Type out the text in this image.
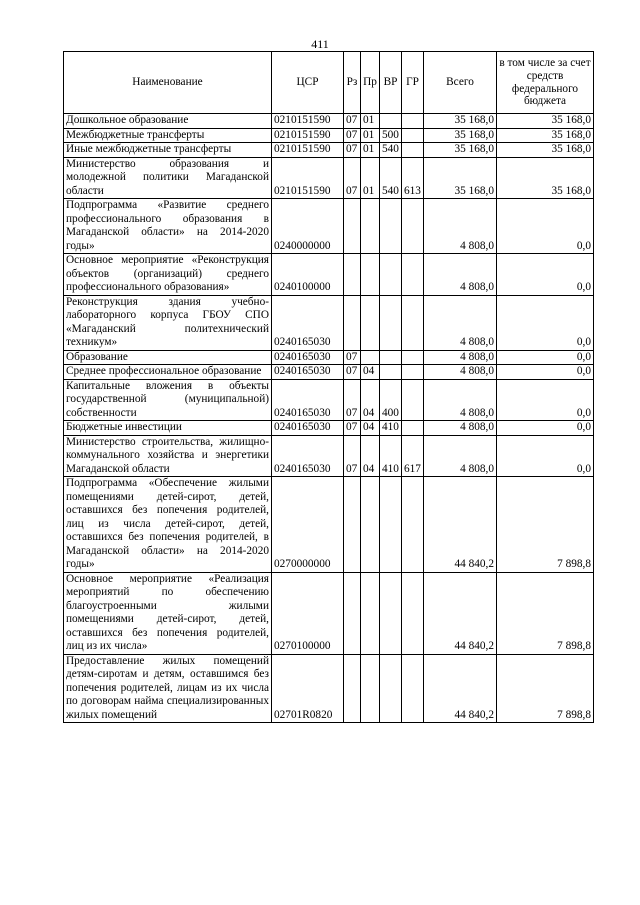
411
Наименование	ЦСР	Рз	Пр	ВР	ГР	Всего	в том числе за счет средств федерального бюджета
Дошкольное образование	0210151590	07	01			35 168,0	35 168,0
Межбюджетные трансферты	0210151590	07	01	500		35 168,0	35 168,0
Иные межбюджетные трансферты	0210151590	07	01	540		35 168,0	35 168,0
Министерство образования и молодежной политики Магаданской области	0210151590	07	01	540	613	35 168,0	35 168,0
Подпрограмма «Развитие среднего профессионального образования в Магаданской области» на 2014-2020 годы»	0240000000					4 808,0	0,0
Основное мероприятие «Реконструкция объектов (организаций) среднего профессионального образования»	0240100000					4 808,0	0,0
Реконструкция здания учебно-лабораторного корпуса ГБОУ СПО «Магаданский политехнический техникум»	0240165030					4 808,0	0,0
Образование	0240165030	07				4 808,0	0,0
Среднее профессиональное образование	0240165030	07	04			4 808,0	0,0
Капитальные вложения в объекты государственной (муниципальной) собственности	0240165030	07	04	400		4 808,0	0,0
Бюджетные инвестиции	0240165030	07	04	410		4 808,0	0,0
Министерство строительства, жилищно-коммунального хозяйства и энергетики Магаданской области	0240165030	07	04	410	617	4 808,0	0,0
Подпрограмма «Обеспечение жилыми помещениями детей-сирот, детей, оставшихся без попечения родителей, лиц из числа детей-сирот, детей, оставшихся без попечения родителей, в Магаданской области» на 2014-2020 годы»	0270000000					44 840,2	7 898,8
Основное мероприятие «Реализация мероприятий по обеспечению благоустроенными жилыми помещениями детей-сирот, детей, оставшихся без попечения родителей, лиц из их числа»	0270100000					44 840,2	7 898,8
Предоставление жилых помещений детям-сиротам и детям, оставшимся без попечения родителей, лицам из их числа по договорам найма специализированных жилых помещений	02701R0820					44 840,2	7 898,8
